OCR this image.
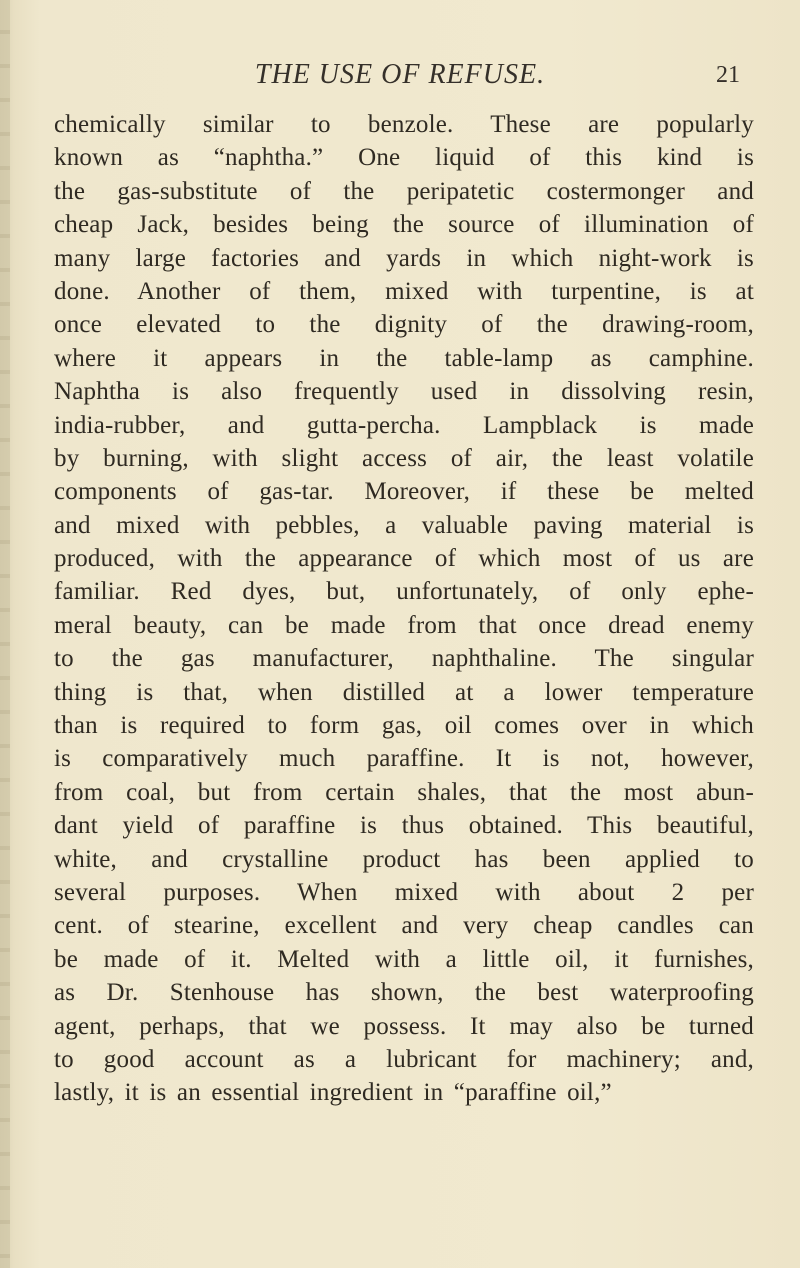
THE USE OF REFUSE.	21
chemically similar to benzole. These are popularly
known as “naphtha.” One liquid of this kind is
the gas-substitute of the peripatetic costermonger and
cheap Jack, besides being the source of illumination of
many large factories and yards in which night-work is
done. Another of them, mixed with turpentine, is at
once elevated to the dignity of the drawing-room,
where it appears in the table-lamp as camphine.
Naphtha is also frequently used in dissolving resin,
india-rubber, and gutta-percha. Lampblack is made
by burning, with slight access of air, the least volatile
components of gas-tar. Moreover, if these be melted
and mixed with pebbles, a valuable paving material is
produced, with the appearance of which most of us are
familiar. Red dyes, but, unfortunately, of only ephe-
meral beauty, can be made from that once dread enemy
to the gas manufacturer, naphthaline. The singular
thing is that, when distilled at a lower temperature
than is required to form gas, oil comes over in which
is comparatively much paraffine. It is not, however,
from coal, but from certain shales, that the most abun-
dant yield of paraffine is thus obtained. This beautiful,
white, and crystalline product has been applied to
several purposes. When mixed with about 2 per
cent. of stearine, excellent and very cheap candles can
be made of it. Melted with a little oil, it furnishes,
as Dr. Stenhouse has shown, the best waterproofing
agent, perhaps, that we possess. It may also be turned
to good account as a lubricant for machinery; and,
lastly, it is an essential ingredient in “paraffine oil,”
